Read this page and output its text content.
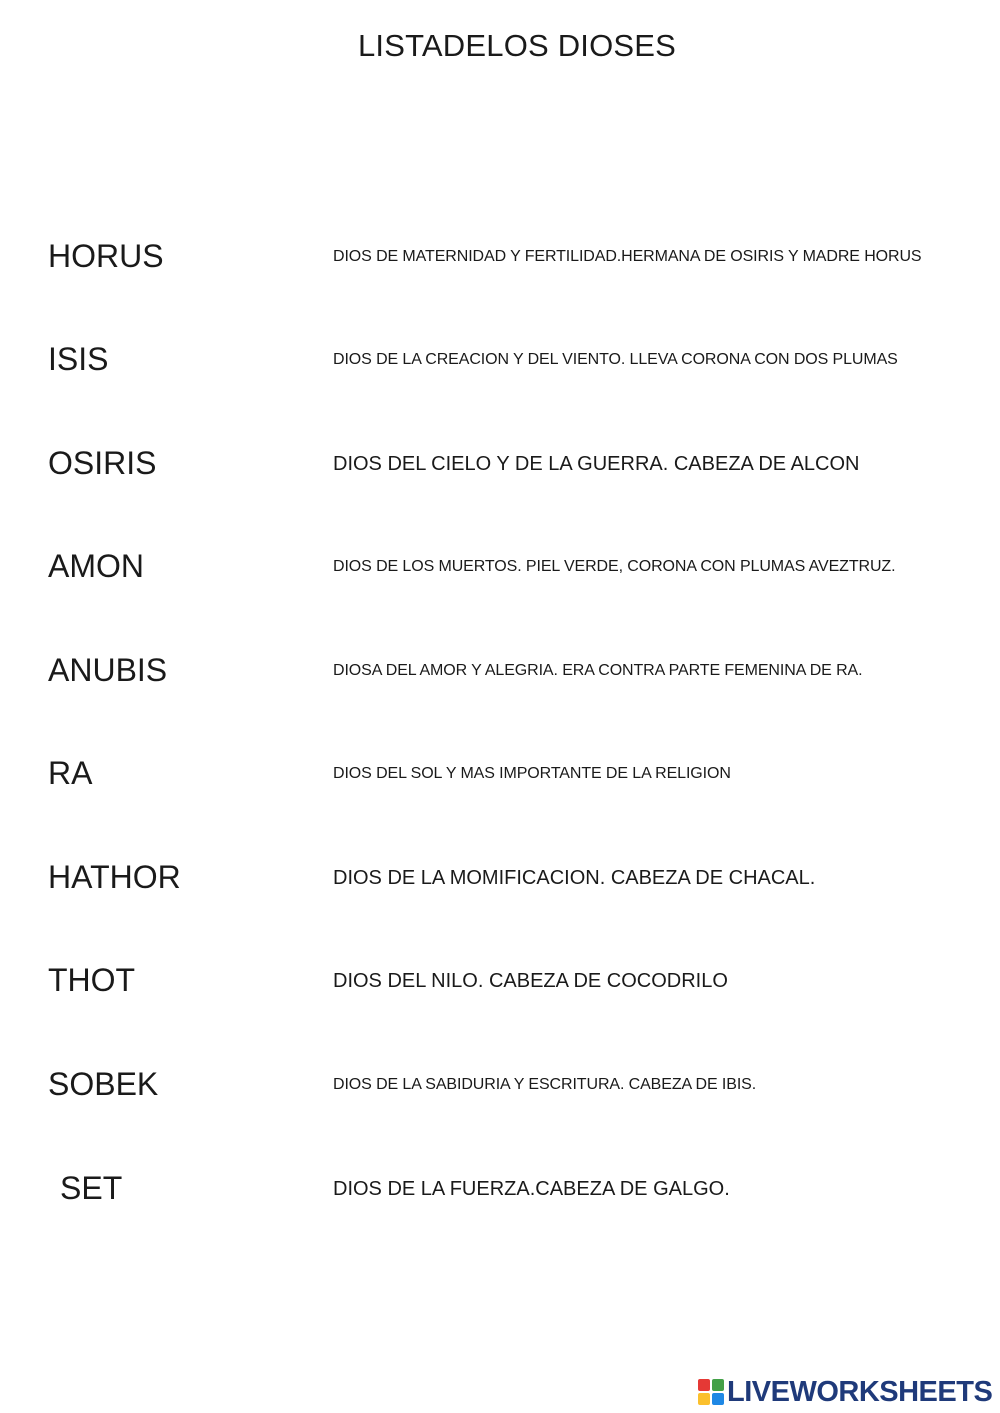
LISTADELOS DIOSES
HORUS	DIOS DE MATERNIDAD Y FERTILIDAD.HERMANA DE OSIRIS Y MADRE HORUS
ISIS	DIOS DE LA CREACION Y DEL VIENTO. LLEVA CORONA CON DOS PLUMAS
OSIRIS	DIOS DEL CIELO Y DE LA GUERRA. CABEZA DE ALCON
AMON	DIOS DE LOS MUERTOS. PIEL VERDE, CORONA CON PLUMAS AVEZTRUZ.
ANUBIS	DIOSA DEL AMOR Y ALEGRIA. ERA CONTRA PARTE FEMENINA DE RA.
RA	DIOS DEL SOL Y MAS IMPORTANTE DE LA RELIGION
HATHOR	DIOS DE LA MOMIFICACION. CABEZA DE CHACAL.
THOT	DIOS DEL NILO. CABEZA DE COCODRILO
SOBEK	DIOS DE LA SABIDURIA Y ESCRITURA. CABEZA DE IBIS.
SET	DIOS DE LA FUERZA.CABEZA DE GALGO.
LIVEWORKSHEETS
